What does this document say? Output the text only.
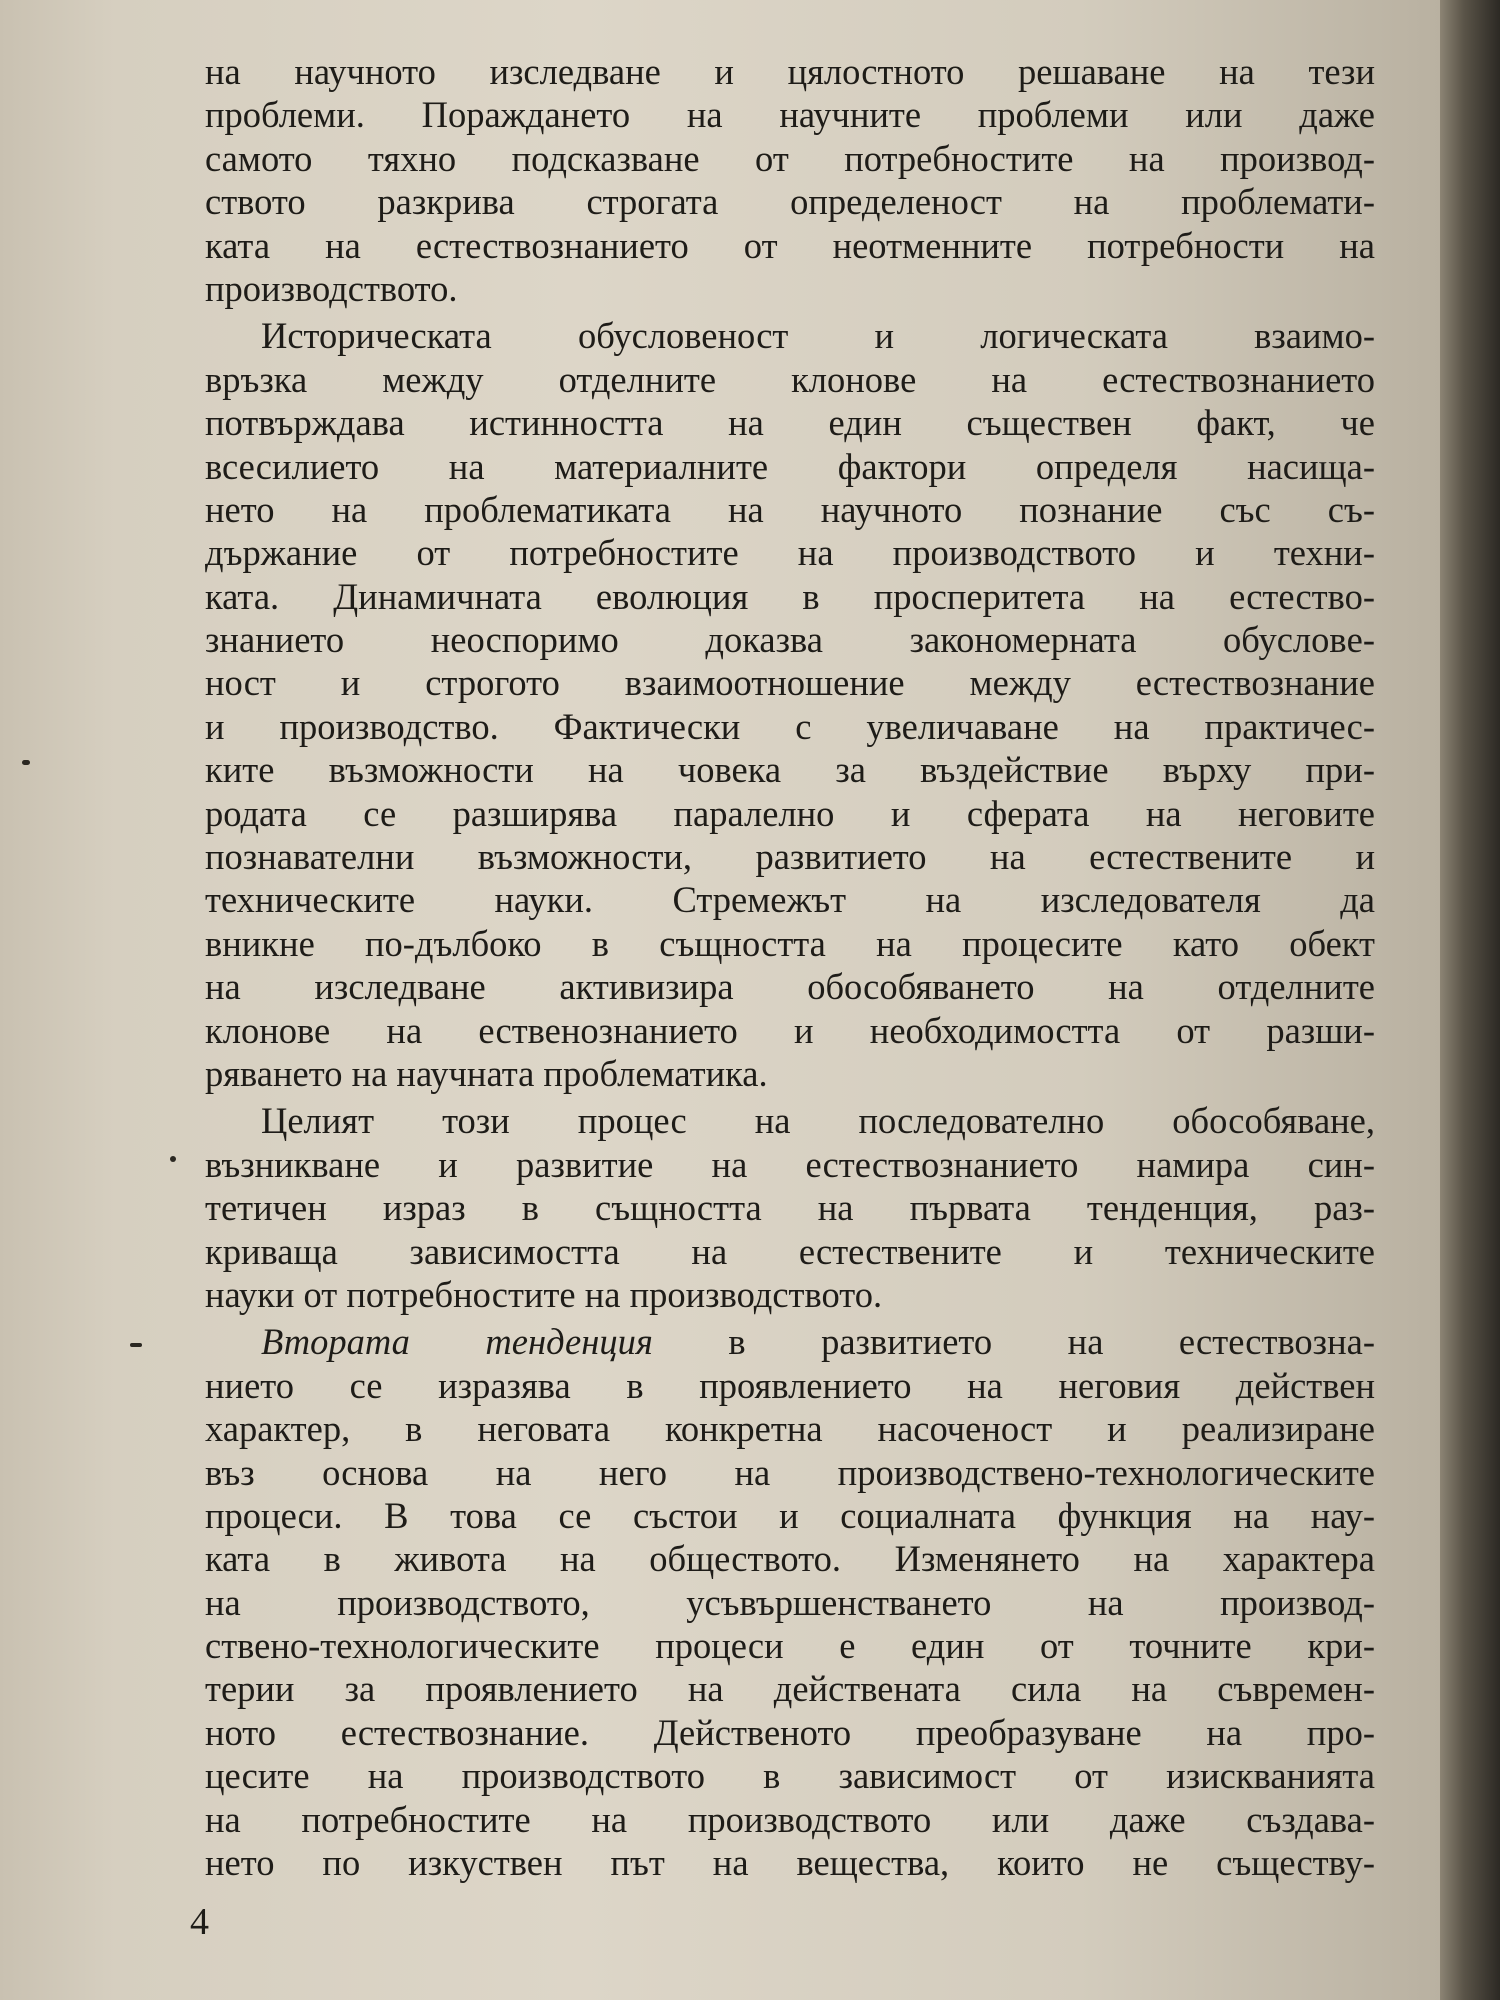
на научното изследване и цялостното решаване на тези
проблеми. Пораждането на научните проблеми или даже
самото тяхно подсказване от потребностите на производ-
ството разкрива строгата определеност на проблемати-
ката на естествознанието от неотменните потребности на
производството.
Историческата обусловеност и логическата взаимо-
връзка между отделните клонове на естествознанието
потвърждава истинността на един съществен факт, че
всесилието на материалните фактори определя насища-
нето на проблематиката на научното познание със съ-
държание от потребностите на производството и техни-
ката. Динамичната еволюция в просперитета на естество-
знанието неоспоримо доказва закономерната обусловe-
ност и строгото взаимоотношение между естествознание
и производство. Фактически с увеличаване на практичес-
ките възможности на човека за въздействие върху при-
родата се разширява паралелно и сферата на неговите
познавателни възможности, развитието на естествените и
техническите науки. Стремежът на изследователя да
вникне по-дълбоко в същността на процесите като обект
на изследване активизира обособяването на отделните
клонове на ественознанието и необходимостта от разши-
ряването на научната проблематика.
Целият този процес на последователно обособяване,
възникване и развитие на естествознанието намира син-
тетичен израз в същността на първата тенденция, раз-
криваща зависимостта на естествените и техническите
науки от потребностите на производството.
Втората тенденция в развитието на естествозна-
нието се изразява в проявлението на неговия действен
характер, в неговата конкретна насоченост и реализиране
въз основа на него на производствено-технологическите
процеси. В това се състои и социалната функция на нау-
ката в живота на обществото. Изменянето на характера
на производството, усъвършенстването на производ-
ствено-технологическите процеси е един от точните кри-
терии за проявлението на действената сила на съвремен-
ното естествознание. Действеното преобразуване на про-
цесите на производството в зависимост от изискванията
на потребностите на производството или даже създава-
нето по изкуствен път на вещества, които не съществу-
4
